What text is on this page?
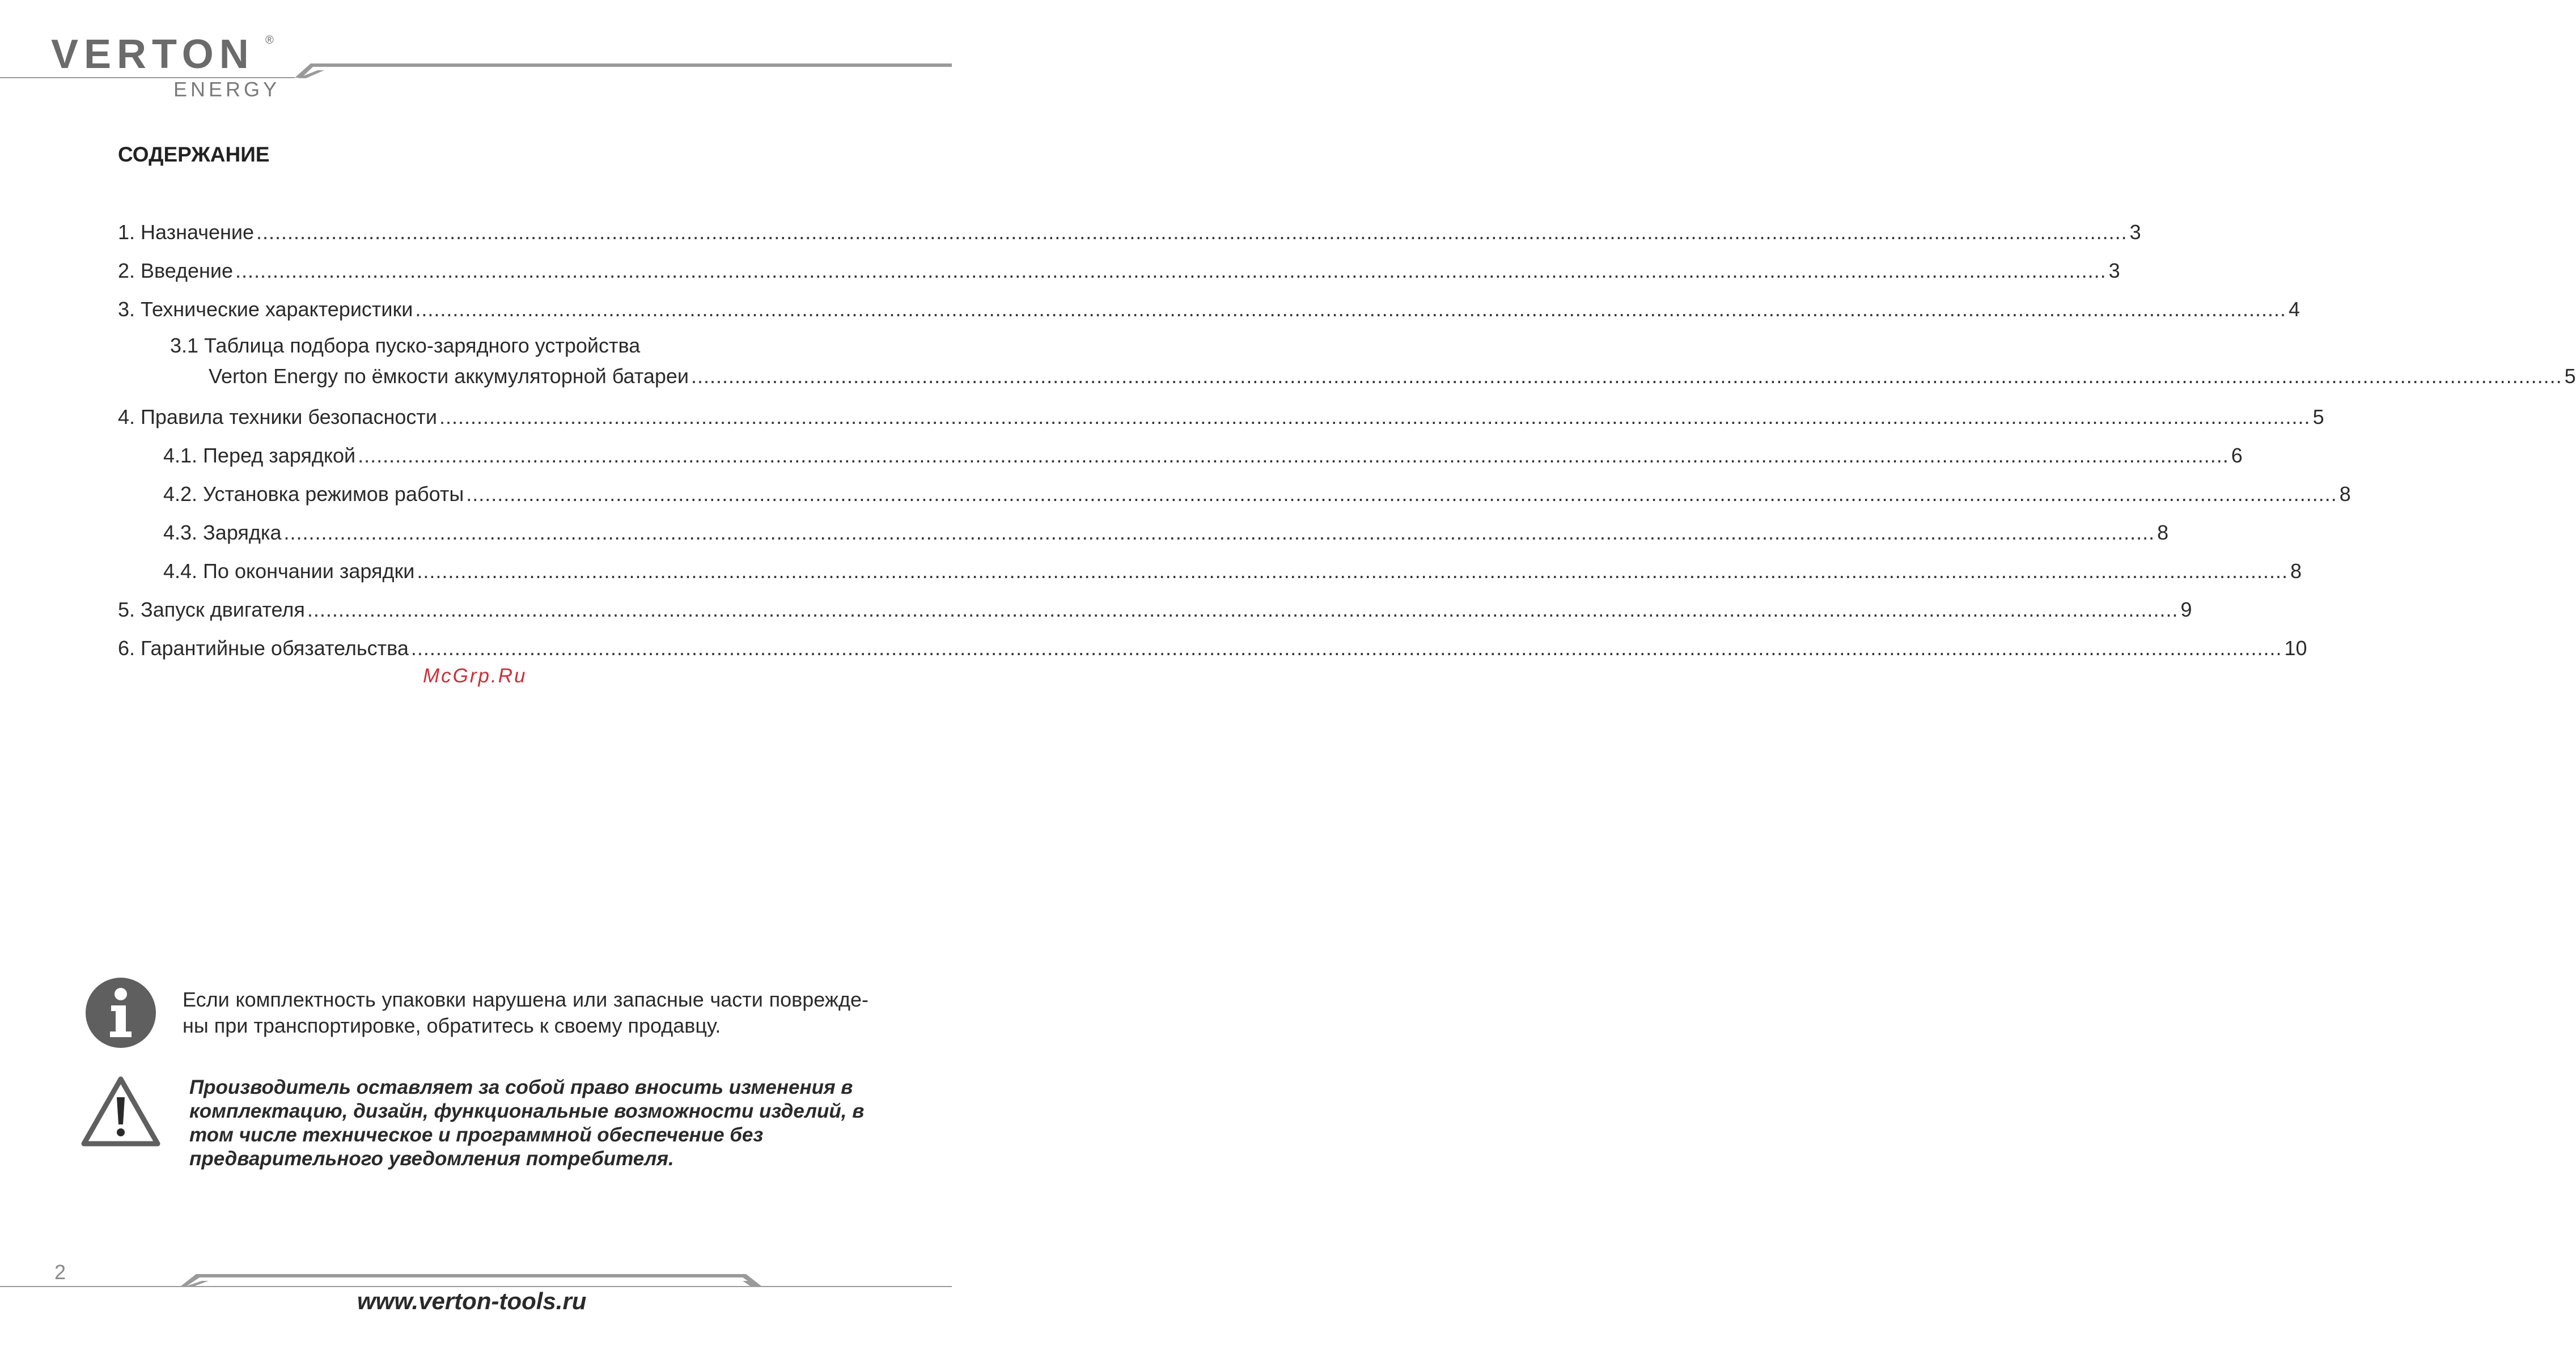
VERTON ®
ENERGY
СОДЕРЖАНИЕ
1. Назначение ............................................................................................................................................................................................................................................................................................................ 3
2. Введение ............................................................................................................................................................................................................................................................................................................ 3
3. Технические характеристики ............................................................................................................................................................................................................................................................................................................ 4
3.1 Таблица подбора пуско-зарядного устройства
Verton Energy по ёмкости аккумуляторной батареи ............................................................................................................................................................................................................................................................................................................ 5
4. Правила техники безопасности ............................................................................................................................................................................................................................................................................................................ 5
4.1. Перед зарядкой ............................................................................................................................................................................................................................................................................................................ 6
4.2. Установка режимов работы ............................................................................................................................................................................................................................................................................................................ 8
4.3. Зарядка ............................................................................................................................................................................................................................................................................................................ 8
4.4. По окончании зарядки ............................................................................................................................................................................................................................................................................................................ 8
5. Запуск двигателя ............................................................................................................................................................................................................................................................................................................ 9
6. Гарантийные обязательства ............................................................................................................................................................................................................................................................................................................ 10
McGrp.Ru
Если комплектность упаковки нарушена или запасные части повреждены при транспортировке, обратитесь к своему продавцу.
Производитель оставляет за собой право вносить изменения в комплектацию, дизайн, функциональные возможности изделий, в том числе техническое и программной обеспечение без предварительного уведомления потребителя.
2
www.verton-tools.ru
